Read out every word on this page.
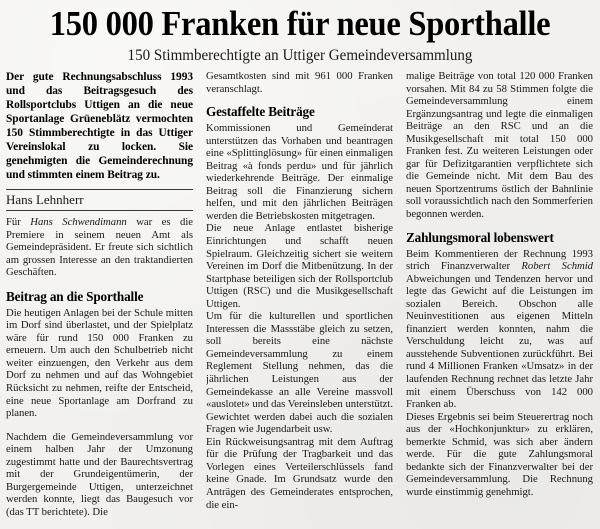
150 000 Franken für neue Sporthalle
150 Stimmberechtigte an Uttiger Gemeindeversammlung

Der gute Rechnungsabschluss 1993 und das Beitragsgesuch des Rollsportclubs Uttigen an die neue Sportanlage Grüeneblätz vermochten 150 Stimmberechtigte in das Uttiger Vereinslokal zu locken. Sie genehmigten die Gemeinderechnung und stimmten einem Beitrag zu.

Hans Lehnherr

Für Hans Schwendimann war es die Premiere in seinem neuen Amt als Gemeindepräsident. Er freute sich sichtlich am grossen Interesse an den traktandierten Geschäften.

Beitrag an die Sporthalle

Die heutigen Anlagen bei der Schule mitten im Dorf sind überlastet, und der Spielplatz wäre für rund 150 000 Franken zu erneuern. Um auch den Schulbetrieb nicht weiter einzuengen, den Verkehr aus dem Dorf zu nehmen und auf das Wohngebiet Rücksicht zu nehmen, reifte der Entscheid, eine neue Sportanlage am Dorfrand zu planen.

Nachdem die Gemeindeversammlung vor einem halben Jahr der Umzonung zugestimmt hatte und der Baurechtsvertrag mit der Grundeigentümerin, der Burgergemeinde Uttigen, unterzeichnet werden konnte, liegt das Baugesuch vor (das TT berichtete). Die

Gesamtkosten sind mit 961 000 Franken veranschlagt.

Gestaffelte Beiträge

Kommissionen und Gemeinderat unterstützen das Vorhaben und beantragen eine «Splittinglösung» für einen einmaligen Beitrag «à fonds perdu» und für jährlich wiederkehrende Beiträge. Der einmalige Beitrag soll die Finanzierung sichern helfen, und mit den jährlichen Beiträgen werden die Betriebskosten mitgetragen.

Die neue Anlage entlastet bisherige Einrichtungen und schafft neuen Spielraum. Gleichzeitig sichert sie weitern Vereinen im Dorf die Mitbenützung. In der Startphase beteiligen sich der Rollsportclub Uttigen (RSC) und die Musikgesellschaft Uttigen.

Um für die kulturellen und sportlichen Interessen die Massstäbe gleich zu setzen, soll bereits eine nächste Gemeindeversammlung zu einem Reglement Stellung nehmen, das die jährlichen Leistungen aus der Gemeindekasse an alle Vereine massvoll «auslotet» und das Vereinsleben unterstützt. Gewichtet werden dabei auch die sozialen Fragen wie Jugendarbeit usw.

Ein Rückweisungsantrag mit dem Auftrag für die Prüfung der Tragbarkeit und das Vorlegen eines Verteilerschlüssels fand keine Gnade. Im Grundsatz wurde den Anträgen des Gemeinderates entsprochen, die ein-

malige Beiträge von total 120 000 Franken vorsahen. Mit 84 zu 58 Stimmen folgte die Gemeindeversammlung einem Ergänzungsantrag und legte die einmaligen Beiträge an den RSC und an die Musikgesellschaft mit total 150 000 Franken fest. Zu weiteren Leistungen oder gar für Defizitgarantien verpflichtete sich die Gemeinde nicht. Mit dem Bau des neuen Sportzentrums östlich der Bahnlinie soll voraussichtlich nach den Sommerferien begonnen werden.

Zahlungsmoral lobenswert

Beim Kommentieren der Rechnung 1993 strich Finanzverwalter Robert Schmid Abweichungen und Tendenzen hervor und legte das Gewicht auf die Leistungen im sozialen Bereich. Obschon alle Neuinvestitionen aus eigenen Mitteln finanziert werden konnten, nahm die Verschuldung leicht zu, was auf ausstehende Subventionen zurückführt. Bei rund 4 Millionen Franken «Umsatz» in der laufenden Rechnung rechnet das letzte Jahr mit einem Überschuss von 142 000 Franken ab.

Dieses Ergebnis sei beim Steuerertrag noch aus der «Hochkonjunktur» zu erklären, bemerkte Schmid, was sich aber ändern werde. Für die gute Zahlungsmoral bedankte sich der Finanzverwalter bei der Gemeindeversammlung. Die Rechnung wurde einstimmig genehmigt.
